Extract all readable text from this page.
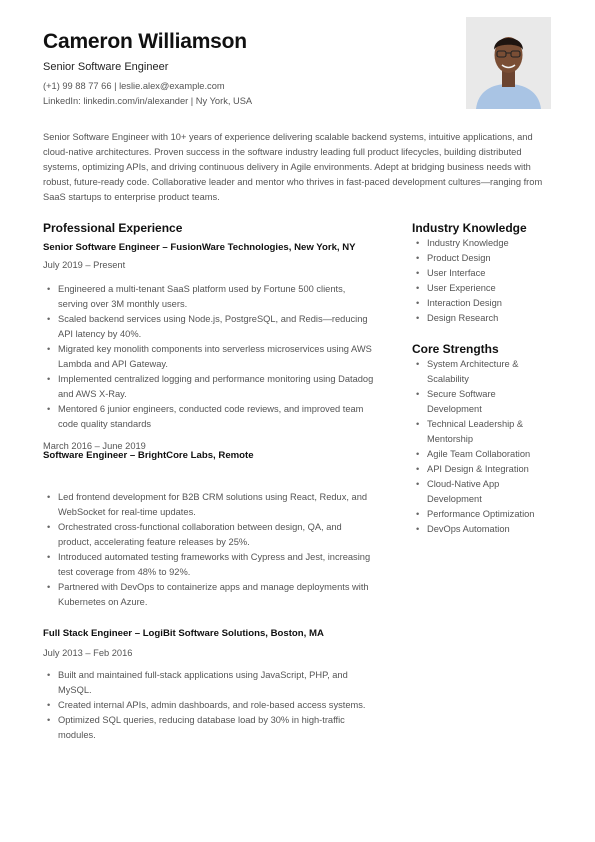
Cameron Williamson
Senior Software Engineer
(+1) 99 88 77 66 | leslie.alex@example.com
LinkedIn: linkedin.com/in/alexander | Ny York, USA
Senior Software Engineer with 10+ years of experience delivering scalable backend systems, intuitive applications, and cloud-native architectures. Proven success in the software industry leading full product lifecycles, building distributed systems, optimizing APIs, and driving continuous delivery in Agile environments. Adept at bridging business needs with robust, future-ready code. Collaborative leader and mentor who thrives in fast-paced development cultures—ranging from SaaS startups to enterprise product teams.
Professional Experience
Senior Software Engineer – FusionWare Technologies, New York, NY
July 2019 – Present
• Engineered a multi-tenant SaaS platform used by Fortune 500 clients, serving over 3M monthly users.
• Scaled backend services using Node.js, PostgreSQL, and Redis—reducing API latency by 40%.
• Migrated key monolith components into serverless microservices using AWS Lambda and API Gateway.
• Implemented centralized logging and performance monitoring using Datadog and AWS X-Ray.
• Mentored 6 junior engineers, conducted code reviews, and improved team code quality standards
Software Engineer – BrightCore Labs, Remote
March 2016 – June 2019
• Led frontend development for B2B CRM solutions using React, Redux, and WebSocket for real-time updates.
• Orchestrated cross-functional collaboration between design, QA, and product, accelerating feature releases by 25%.
• Introduced automated testing frameworks with Cypress and Jest, increasing test coverage from 48% to 92%.
• Partnered with DevOps to containerize apps and manage deployments with Kubernetes on Azure.
Full Stack Engineer – LogiBit Software Solutions, Boston, MA
July 2013 – Feb 2016
• Built and maintained full-stack applications using JavaScript, PHP, and MySQL.
• Created internal APIs, admin dashboards, and role-based access systems.
• Optimized SQL queries, reducing database load by 30% in high-traffic modules.
Industry Knowledge
• Industry Knowledge
• Product Design
• User Interface
• User Experience
• Interaction Design
• Design Research
Core Strengths
• System Architecture & Scalability
• Secure Software Development
• Technical Leadership & Mentorship
• Agile Team Collaboration
• API Design & Integration
• Cloud-Native App Development
• Performance Optimization
• DevOps Automation
